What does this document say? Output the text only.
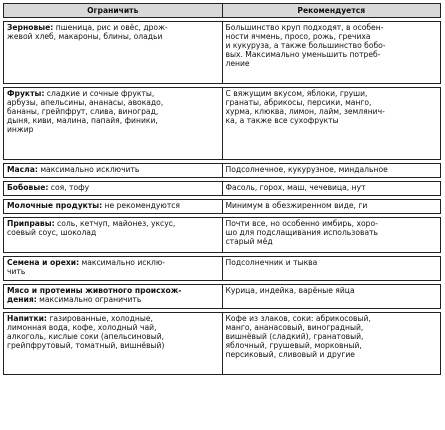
Ограничить	Рекомендуется

Зерновые: пшеница, рис и овёс, дрож-
жевой хлеб, макароны, блины, оладьи	Большинство круп подходят, в особен-
ности ячмень, просо, рожь, гречиха
и кукуруза, а также большинство бобо-
вых. Максимально уменьшить потреб-
ление

Фрукты: сладкие и сочные фрукты,
арбузы, апельсины, ананасы, авокадо,
бананы, грейпфрут, слива, виноград,
дыня, киви, малина, папайя, финики,
инжир	С вяжущим вкусом, яблоки, груши,
гранаты, абрикосы, персики, манго,
хурма, клюква, лимон, лайм, землянич-
ка, а также все сухофрукты

Масла: максимально исключить	Подсолнечное, кукурузное, миндальное

Бобовые: соя, тофу	Фасоль, горох, маш, чечевица, нут

Молочные продукты: не рекомендуются	Минимум в обезжиренном виде, ги

Приправы: соль, кетчуп, майонез, уксус,
соевый соус, шоколад	Почти все, но особенно имбирь, хоро-
шо для подслащивания использовать
старый мёд

Семена и орехи: максимально исклю-
чить	Подсолнечник и тыква

Мясо и протеины животного происхож-
дения: максимально ограничить	Курица, индейка, варёные яйца

Напитки: газированные, холодные,
лимонная вода, кофе, холодный чай,
алкоголь, кислые соки (апельсиновый,
грейпфрутовый, томатный, вишнёвый)	Кофе из злаков, соки: абрикосовый,
манго, ананасовый, виноградный,
вишнёвый (сладкий), гранатовый,
яблочный, грушевый, морковный,
персиковый, сливовый и другие
